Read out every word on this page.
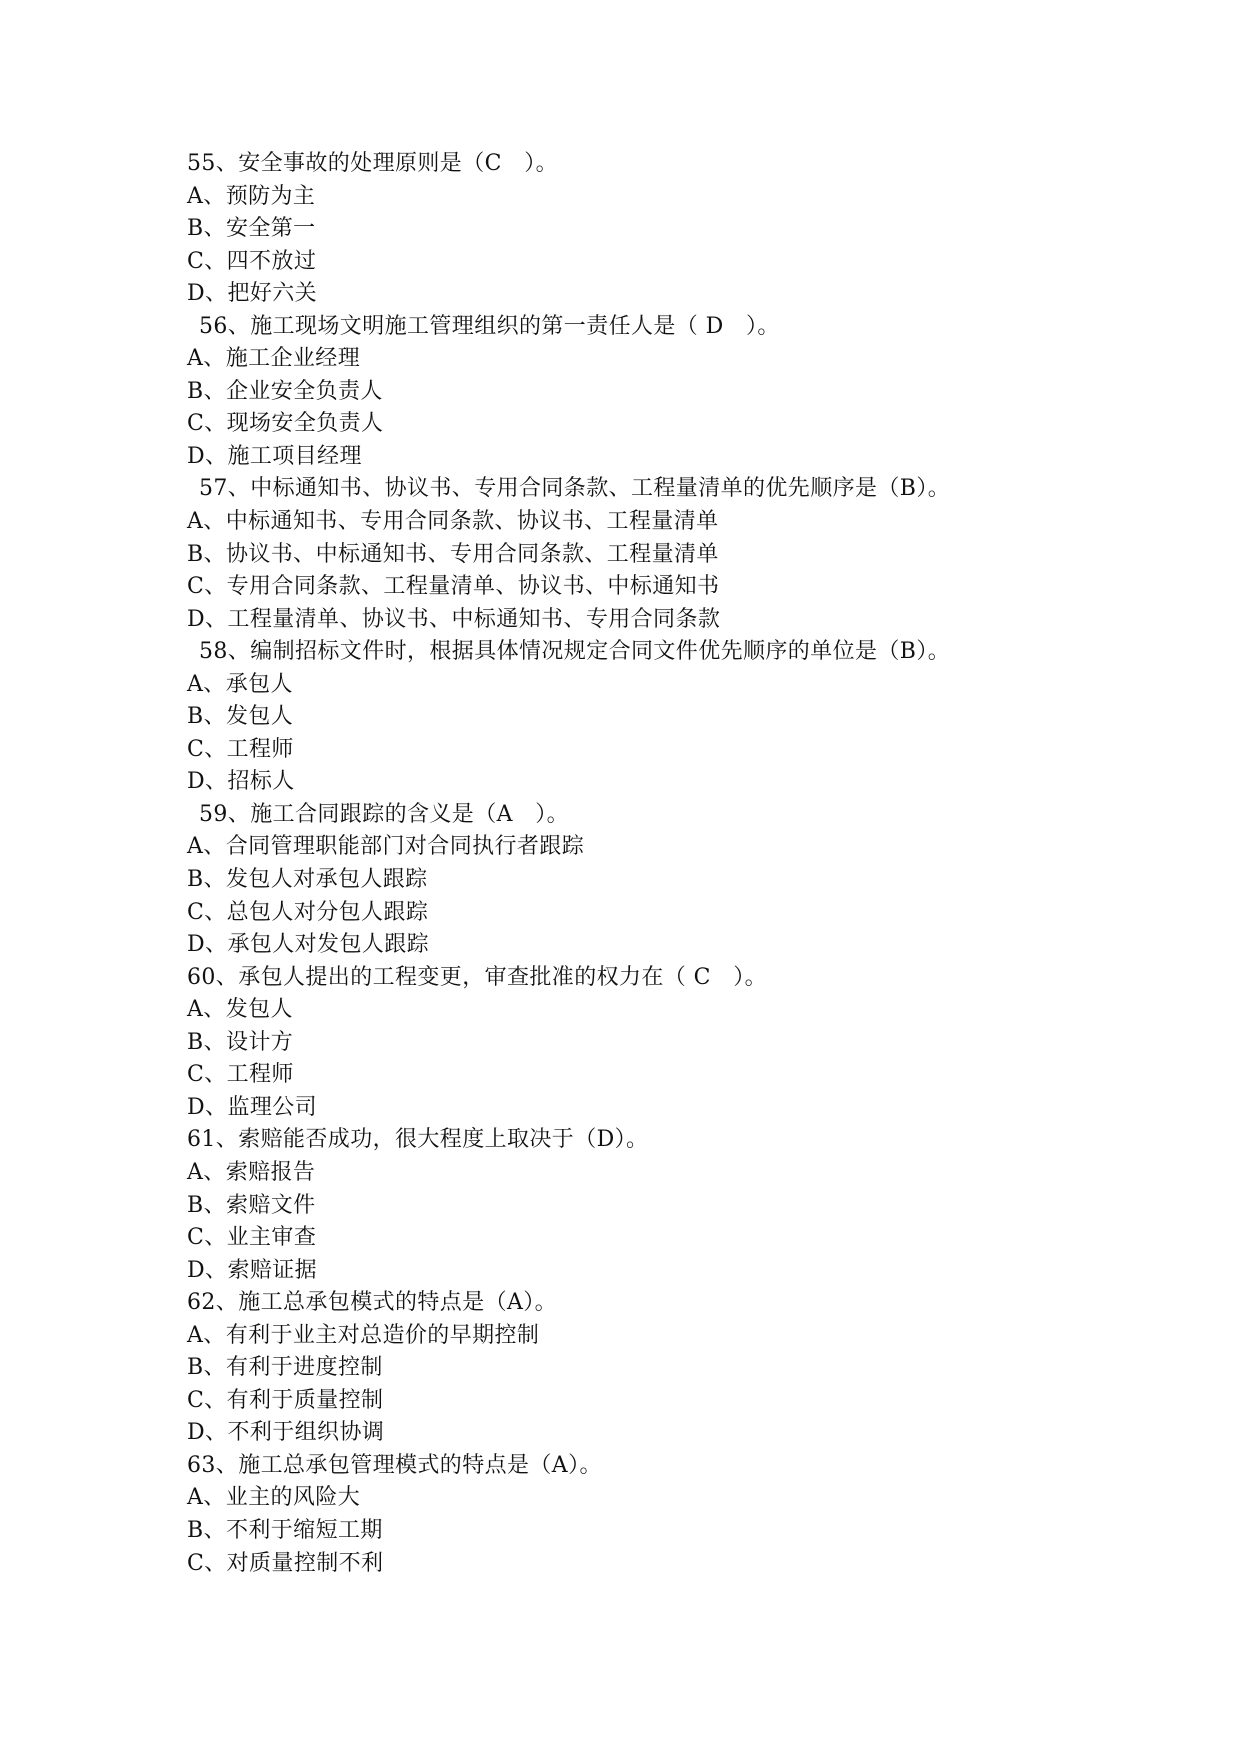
55、安全事故的处理原则是（C　）。
A、预防为主
B、安全第一
C、四不放过
D、把好六关
56、施工现场文明施工管理组织的第一责任人是（ D　）。
A、施工企业经理
B、企业安全负责人
C、现场安全负责人
D、施工项目经理
57、中标通知书、协议书、专用合同条款、工程量清单的优先顺序是（B）。
A、中标通知书、专用合同条款、协议书、工程量清单
B、协议书、中标通知书、专用合同条款、工程量清单
C、专用合同条款、工程量清单、协议书、中标通知书
D、工程量清单、协议书、中标通知书、专用合同条款
58、编制招标文件时，根据具体情况规定合同文件优先顺序的单位是（B）。
A、承包人
B、发包人
C、工程师
D、招标人
59、施工合同跟踪的含义是（A　）。
A、合同管理职能部门对合同执行者跟踪
B、发包人对承包人跟踪
C、总包人对分包人跟踪
D、承包人对发包人跟踪
60、承包人提出的工程变更，审查批准的权力在（ C　）。
A、发包人
B、设计方
C、工程师
D、监理公司
61、索赔能否成功，很大程度上取决于（D）。
A、索赔报告
B、索赔文件
C、业主审查
D、索赔证据
62、施工总承包模式的特点是（A）。
A、有利于业主对总造价的早期控制
B、有利于进度控制
C、有利于质量控制
D、不利于组织协调
63、施工总承包管理模式的特点是（A）。
A、业主的风险大
B、不利于缩短工期
C、对质量控制不利
